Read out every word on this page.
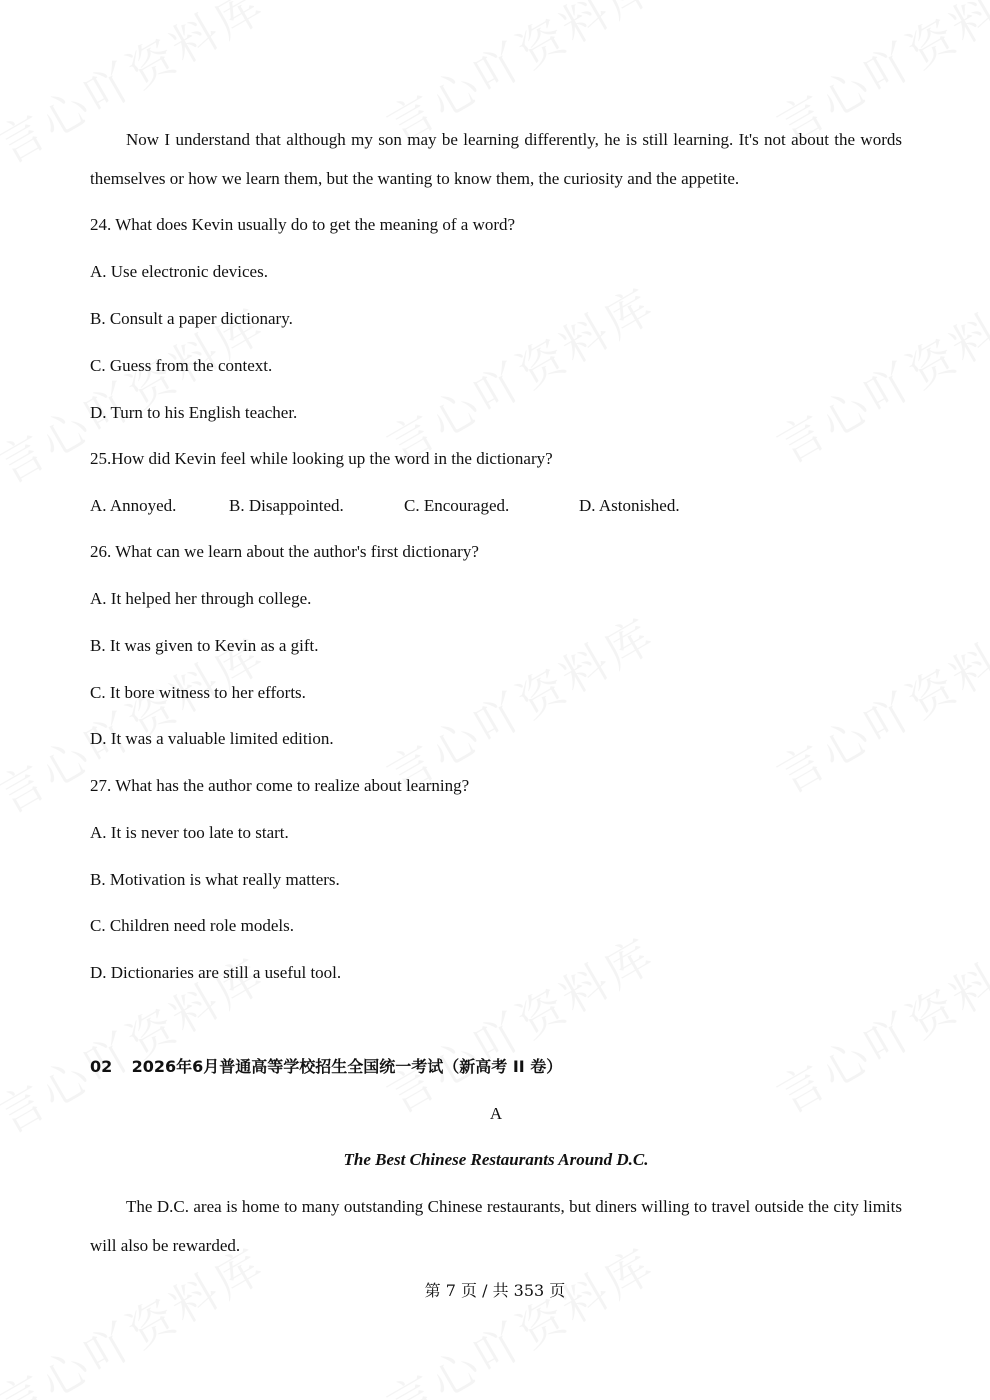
Now I understand that although my son may be learning differently, he is still learning. It's not about the words themselves or how we learn them, but the wanting to know them, the curiosity and the appetite.
24. What does Kevin usually do to get the meaning of a word?
A. Use electronic devices.
B. Consult a paper dictionary.
C. Guess from the context.
D. Turn to his English teacher.
25.How did Kevin feel while looking up the word in the dictionary?
A. Annoyed.	B. Disappointed.	C. Encouraged.	D. Astonished.
26. What can we learn about the author's first dictionary?
A. It helped her through college.
B. It was given to Kevin as a gift.
C. It bore witness to her efforts.
D. It was a valuable limited edition.
27. What has the author come to realize about learning?
A. It is never too late to start.
B. Motivation is what really matters.
C. Children need role models.
D. Dictionaries are still a useful tool.
02 2026年6月普通高等学校招生全国统一考试（新高考 II 卷）
A
The Best Chinese Restaurants Around D.C.
The D.C. area is home to many outstanding Chinese restaurants, but diners willing to travel outside the city limits will also be rewarded.
第 7 页 / 共 353 页
